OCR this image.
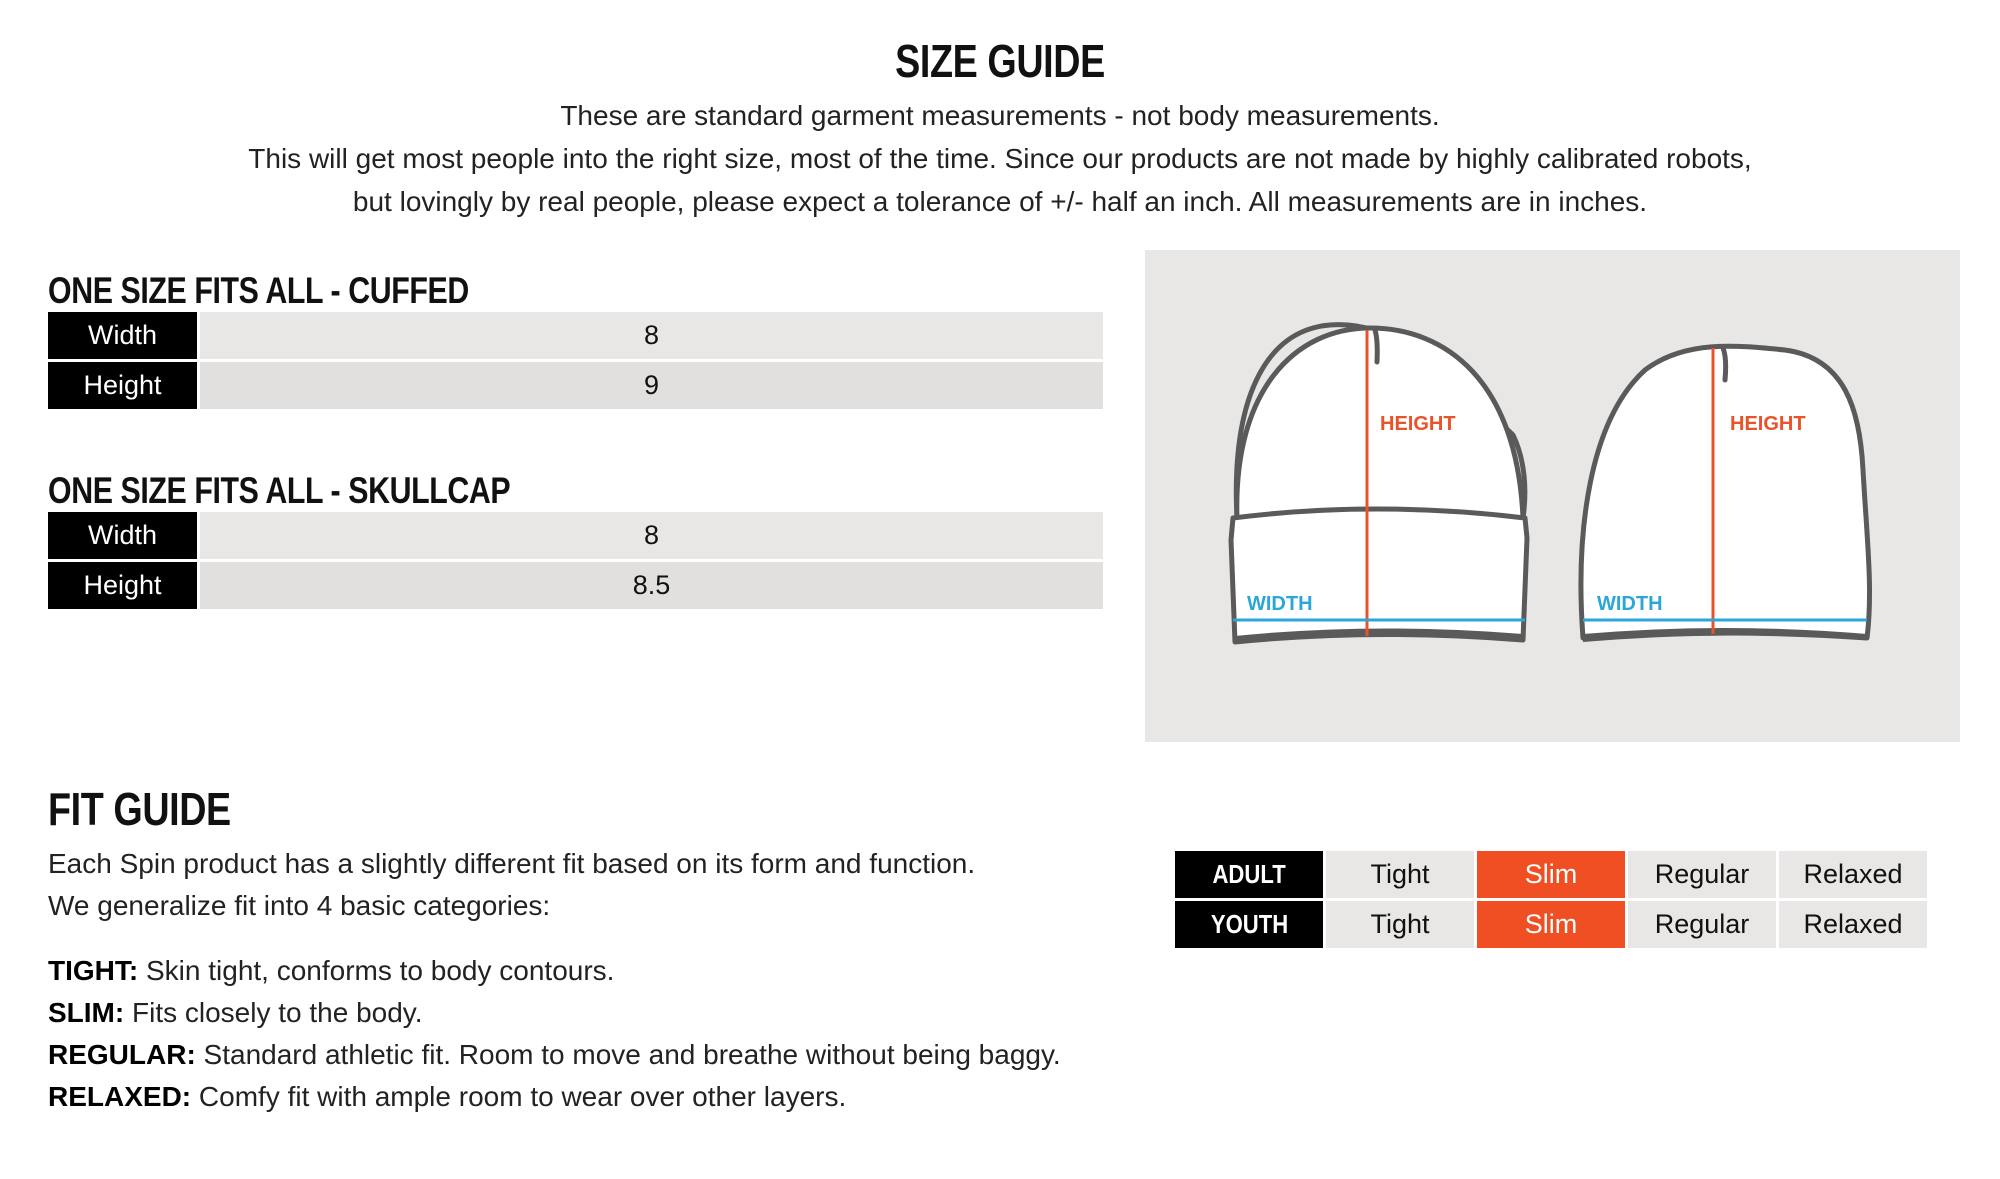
SIZE GUIDE
These are standard garment measurements - not body measurements.
This will get most people into the right size, most of the time. Since our products are not made by highly calibrated robots,
but lovingly by real people, please expect a tolerance of +/- half an inch. All measurements are in inches.
ONE SIZE FITS ALL - CUFFED
Width	8
Height	9
ONE SIZE FITS ALL - SKULLCAP
Width	8
Height	8.5
HEIGHT
WIDTH
HEIGHT
WIDTH
FIT GUIDE
Each Spin product has a slightly different fit based on its form and function.
We generalize fit into 4 basic categories:
TIGHT: Skin tight, conforms to body contours.
SLIM: Fits closely to the body.
REGULAR: Standard athletic fit. Room to move and breathe without being baggy.
RELAXED: Comfy fit with ample room to wear over other layers.
ADULT	Tight	Slim	Regular	Relaxed
YOUTH	Tight	Slim	Regular	Relaxed
